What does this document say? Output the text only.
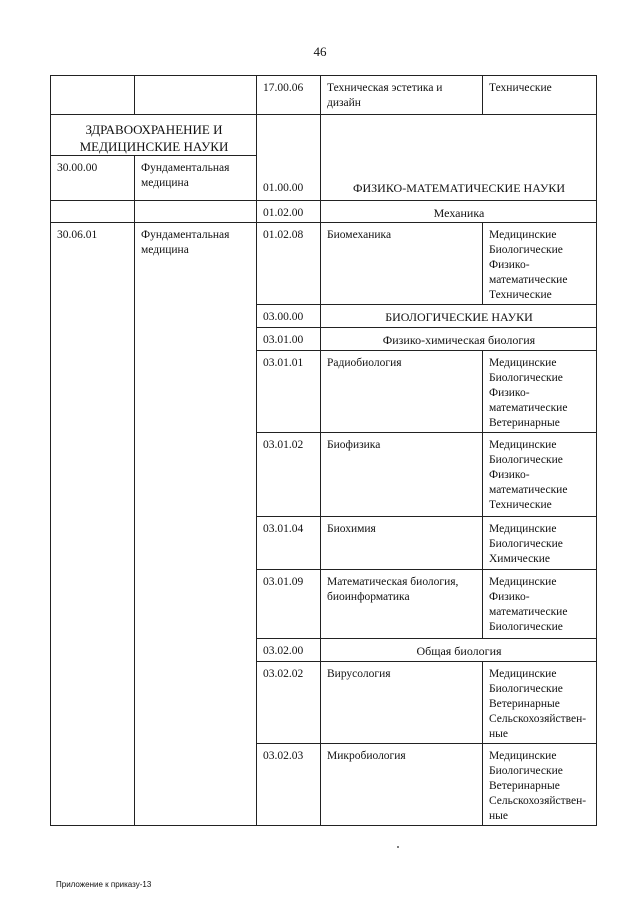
46
		17.00.06	Техническая эстетика и дизайн	Технические
ЗДРАВООХРАНЕНИЕ И МЕДИЦИНСКИЕ НАУКИ				
30.00.00	Фундаментальная медицина	01.00.00	ФИЗИКО-МАТЕМАТИЧЕСКИЕ НАУКИ	
		01.02.00	Механика	
30.06.01	Фундаментальная медицина	01.02.08	Биомеханика	Медицинские
Биологические
Физико-
математические
Технические

		03.00.00	БИОЛОГИЧЕСКИЕ НАУКИ	
		03.01.00	Физико-химическая биология	
		03.01.01	Радиобиология	Медицинские
Биологические
Физико-
математические
Ветеринарные

		03.01.02	Биофизика	Медицинские
Биологические
Физико-
математические
Технические

		03.01.04	Биохимия	Медицинские
Биологические
Химические

		03.01.09	Математическая биология, биоинформатика	Медицинские
Физико-
математические
Биологические

		03.02.00	Общая биология	
		03.02.02	Вирусология	Медицинские
Биологические
Ветеринарные
Сельскохозяйствен-
ные

		03.02.03	Микробиология	Медицинские
Биологические
Ветеринарные
Сельскохозяйствен-
ные
Приложение к приказу-13
